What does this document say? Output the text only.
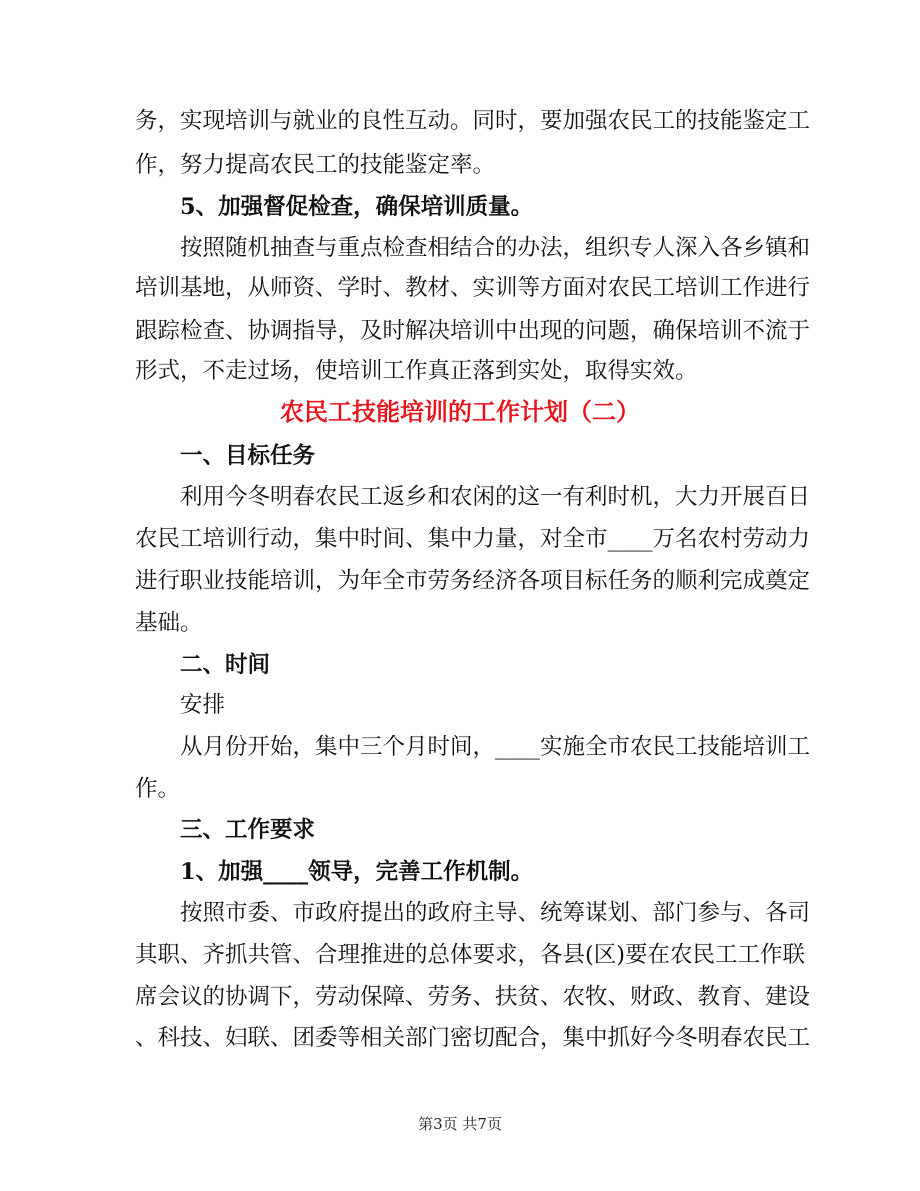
务，实现培训与就业的良性互动。同时，要加强农民工的技能鉴定工
作，努力提高农民工的技能鉴定率。
5、加强督促检查，确保培训质量。
按照随机抽查与重点检查相结合的办法，组织专人深入各乡镇和
培训基地，从师资、学时、教材、实训等方面对农民工培训工作进行
跟踪检查、协调指导，及时解决培训中出现的问题，确保培训不流于
形式，不走过场，使培训工作真正落到实处，取得实效。
农民工技能培训的工作计划（二）
一、目标任务
利用今冬明春农民工返乡和农闲的这一有利时机，大力开展百日
农民工培训行动，集中时间、集中力量，对全市____万名农村劳动力
进行职业技能培训，为年全市劳务经济各项目标任务的顺利完成奠定
基础。
二、时间
安排
从月份开始，集中三个月时间，____实施全市农民工技能培训工
作。
三、工作要求
1、加强____领导，完善工作机制。
按照市委、市政府提出的政府主导、统筹谋划、部门参与、各司
其职、齐抓共管、合理推进的总体要求，各县(区)要在农民工工作联
席会议的协调下，劳动保障、劳务、扶贫、农牧、财政、教育、建设
、科技、妇联、团委等相关部门密切配合，集中抓好今冬明春农民工
第3页 共7页
